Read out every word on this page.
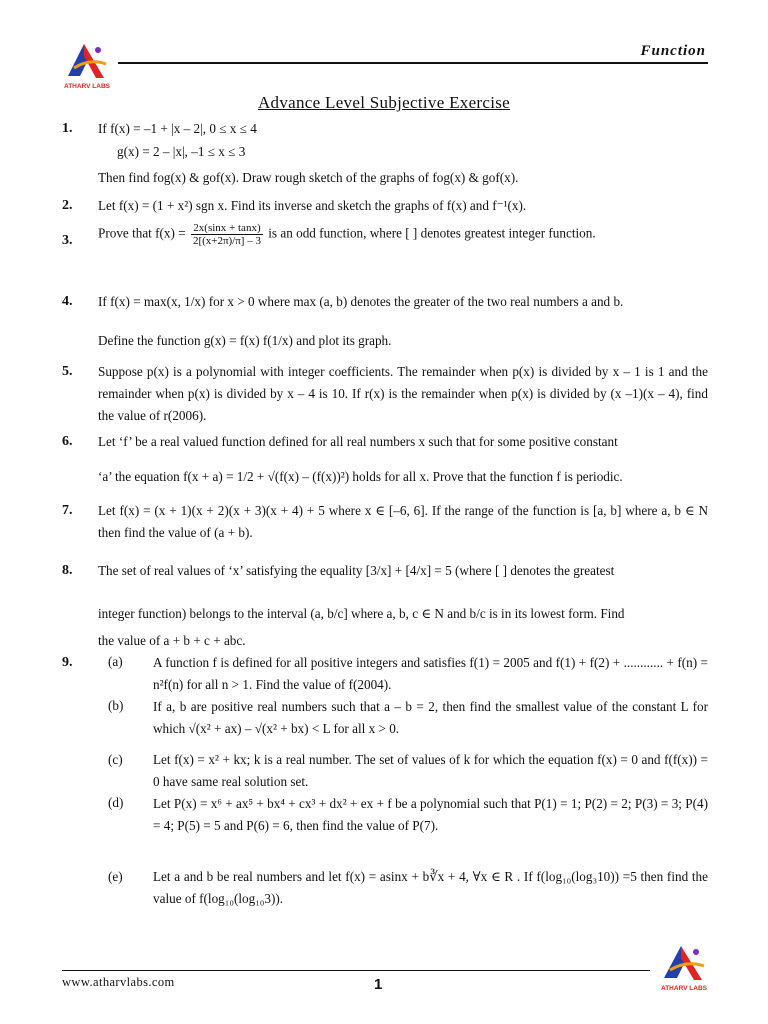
ATHARV LABS
Function
Advance Level Subjective Exercise
1. If f(x) = –1 + |x – 2|, 0 ≤ x ≤ 4
g(x) = 2 – |x|, –1 ≤ x ≤ 3
Then find fog(x) & gof(x). Draw rough sketch of the graphs of fog(x) & gof(x).
2. Let f(x) = (1 + x²) sgn x. Find its inverse and sketch the graphs of f(x) and f⁻¹(x).
3. Prove that $f(x) = \frac{2x(\sin x + \tan x)}{2[(x+2\pi)/\pi] - 3}$ is an odd function, where [ ] denotes greatest integer function.
4. If f(x) = max(x, 1/x) for x > 0 where max (a, b) denotes the greater of the two real numbers a and b.
Define the function g(x) = f(x) f(1/x) and plot its graph.
5. Suppose p(x) is a polynomial with integer coefficients. The remainder when p(x) is divided by x – 1 is 1 and the remainder when p(x) is divided by x – 4 is 10. If r(x) is the remainder when p(x) is divided by (x –1)(x – 4), find the value of r(2006).
6. Let ‘f’ be a real valued function defined for all real numbers x such that for some positive constant
‘a’ the equation f(x + a) = 1/2 + √(f(x) – (f(x))²) holds for all x. Prove that the function f is periodic.
7. Let f(x) = (x + 1)(x + 2)(x + 3)(x + 4) + 5 where x ∈ [–6, 6]. If the range of the function is [a, b] where a, b ∈ N then find the value of (a + b).
8. The set of real values of ‘x’ satisfying the equality [3/x] + [4/x] = 5 (where [ ] denotes the greatest
integer function) belongs to the interval (a, b/c] where a, b, c ∈ N and b/c is in its lowest form. Find
the value of a + b + c + abc.
9.	(a) A function f is defined for all positive integers and satisfies f(1) = 2005 and f(1) + f(2) + ............ + f(n) = n²f(n) for all n > 1. Find the value of f(2004).
(b) If a, b are positive real numbers such that a – b = 2, then find the smallest value of the constant L for which √(x² + ax) – √(x² + bx) < L for all x > 0.
(c) Let f(x) = x² + kx; k is a real number. The set of values of k for which the equation f(x) = 0 and f(f(x)) = 0 have same real solution set.
(d) Let P(x) = x⁶ + ax⁵ + bx⁴ + cx³ + dx² + ex + f be a polynomial such that P(1) = 1; P(2) = 2; P(3) = 3; P(4) = 4; P(5) = 5 and P(6) = 6, then find the value of P(7).
(e) Let a and b be real numbers and let f(x) = asinx + b∛x + 4, ∀x ∈ R . If f(log₁₀(log₃10)) =5 then find the value of f(log₁₀(log₁₀3)).
ATHARV LABS
www.atharvlabs.com	1
